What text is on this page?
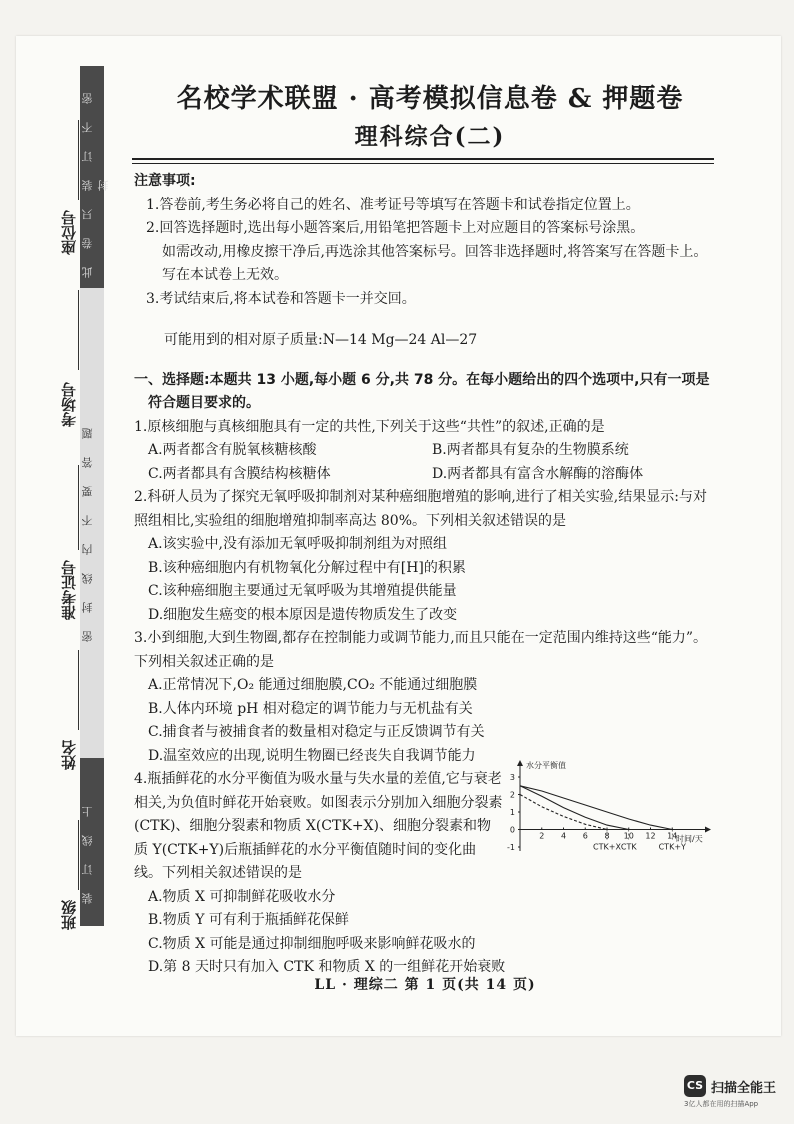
此卷只装订不密封
密封线内不要答题
装订线上
座位号
考场号
准考证号
姓名
班级
名校学术联盟 · 高考模拟信息卷 & 押题卷
理科综合(二)
注意事项:

1.答卷前,考生务必将自己的姓名、准考证号等填写在答题卡和试卷指定位置上。

2.回答选择题时,选出每小题答案后,用铅笔把答题卡上对应题目的答案标号涂黑。

如需改动,用橡皮擦干净后,再选涂其他答案标号。回答非选择题时,将答案写在答题卡上。写在本试卷上无效。

3.考试结束后,将本试卷和答题卡一并交回。

可能用到的相对原子质量:N—14 Mg—24 Al—27
一、选择题:本题共 13 小题,每小题 6 分,共 78 分。在每小题给出的四个选项中,只有一项是符合题目要求的。

1.原核细胞与真核细胞具有一定的共性,下列关于这些“共性”的叙述,正确的是

A.两者都含有脱氧核糖核酸	B.两者都具有复杂的生物膜系统
C.两者都具有含膜结构核糖体	D.两者都具有富含水解酶的溶酶体

2.科研人员为了探究无氧呼吸抑制剂对某种癌细胞增殖的影响,进行了相关实验,结果显示:与对照组相比,实验组的细胞增殖抑制率高达 80%。下列相关叙述错误的是

A.该实验中,没有添加无氧呼吸抑制剂组为对照组
B.该种癌细胞内有机物氧化分解过程中有[H]的积累
C.该种癌细胞主要通过无氧呼吸为其增殖提供能量
D.细胞发生癌变的根本原因是遗传物质发生了改变

3.小到细胞,大到生物圈,都存在控制能力或调节能力,而且只能在一定范围内维持这些“能力”。下列相关叙述正确的是

A.正常情况下,O₂ 能通过细胞膜,CO₂ 不能通过细胞膜
B.人体内环境 pH 相对稳定的调节能力与无机盐有关
C.捕食者与被捕食者的数量相对稳定与正反馈调节有关
D.温室效应的出现,说明生物圈已经丧失自我调节能力

4.瓶插鲜花的水分平衡值为吸水量与失水量的差值,它与衰老相关,为负值时鲜花开始衰败。如图表示分别加入细胞分裂素(CTK)、细胞分裂素和物质 X(CTK+X)、细胞分裂素和物质 Y(CTK+Y)后瓶插鲜花的水分平衡值随时间的变化曲线。下列相关叙述错误的是

A.物质 X 可抑制鲜花吸收水分
B.物质 Y 可有利于瓶插鲜花保鲜
C.物质 X 可能是通过抑制细胞呼吸来影响鲜花吸水的
D.第 8 天时只有加入 CTK 和物质 X 的一组鲜花开始衰败
水分平衡值
时间/天
3
2
1
0
-1
2 4 6 8 10 12 14
CTK+X CTK	CTK+Y
LL · 理综二 第 1 页(共 14 页)
CS 扫描全能王
3亿人都在用的扫描App
